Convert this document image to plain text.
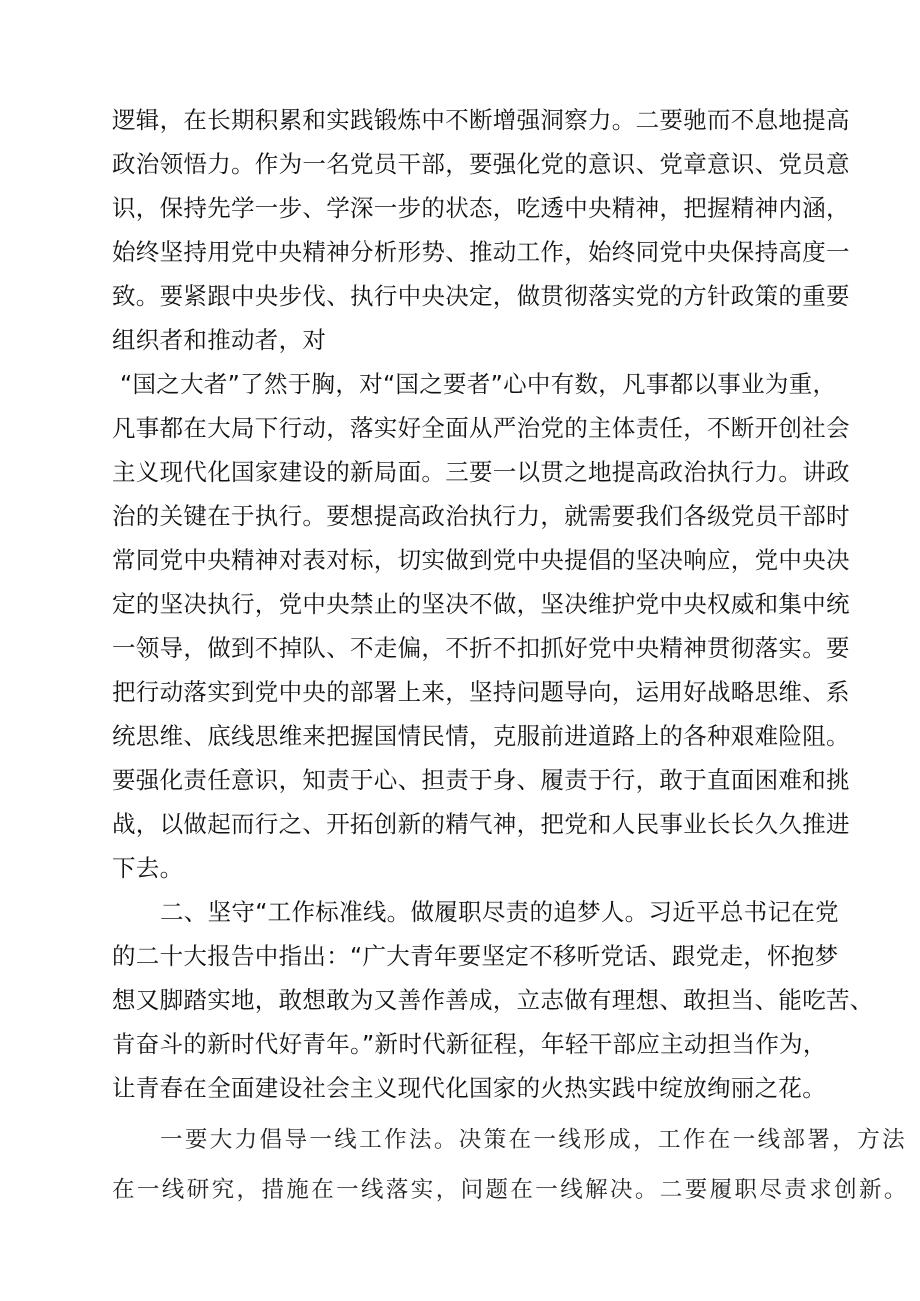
逻辑，在长期积累和实践锻炼中不断增强洞察力。二要驰而不息地提高
政治领悟力。作为一名党员干部，要强化党的意识、党章意识、党员意
识，保持先学一步、学深一步的状态，吃透中央精神，把握精神内涵，
始终坚持用党中央精神分析形势、推动工作，始终同党中央保持高度一
致。要紧跟中央步伐、执行中央决定，做贯彻落实党的方针政策的重要
组织者和推动者，对
“国之大者”了然于胸，对“国之要者”心中有数，凡事都以事业为重，
凡事都在大局下行动，落实好全面从严治党的主体责任，不断开创社会
主义现代化国家建设的新局面。三要一以贯之地提高政治执行力。讲政
治的关键在于执行。要想提高政治执行力，就需要我们各级党员干部时
常同党中央精神对表对标，切实做到党中央提倡的坚决响应，党中央决
定的坚决执行，党中央禁止的坚决不做，坚决维护党中央权威和集中统
一领导，做到不掉队、不走偏，不折不扣抓好党中央精神贯彻落实。要
把行动落实到党中央的部署上来，坚持问题导向，运用好战略思维、系
统思维、底线思维来把握国情民情，克服前进道路上的各种艰难险阻。
要强化责任意识，知责于心、担责于身、履责于行，敢于直面困难和挑
战，以做起而行之、开拓创新的精气神，把党和人民事业长长久久推进
下去。
二、坚守“工作标准线。做履职尽责的追梦人。习近平总书记在党
的二十大报告中指出：“广大青年要坚定不移听党话、跟党走，怀抱梦
想又脚踏实地，敢想敢为又善作善成，立志做有理想、敢担当、能吃苦、
肯奋斗的新时代好青年。”新时代新征程，年轻干部应主动担当作为，
让青春在全面建设社会主义现代化国家的火热实践中绽放绚丽之花。
一要大力倡导一线工作法。决策在一线形成，工作在一线部署，方法
在一线研究，措施在一线落实，问题在一线解决。二要履职尽责求创新。
